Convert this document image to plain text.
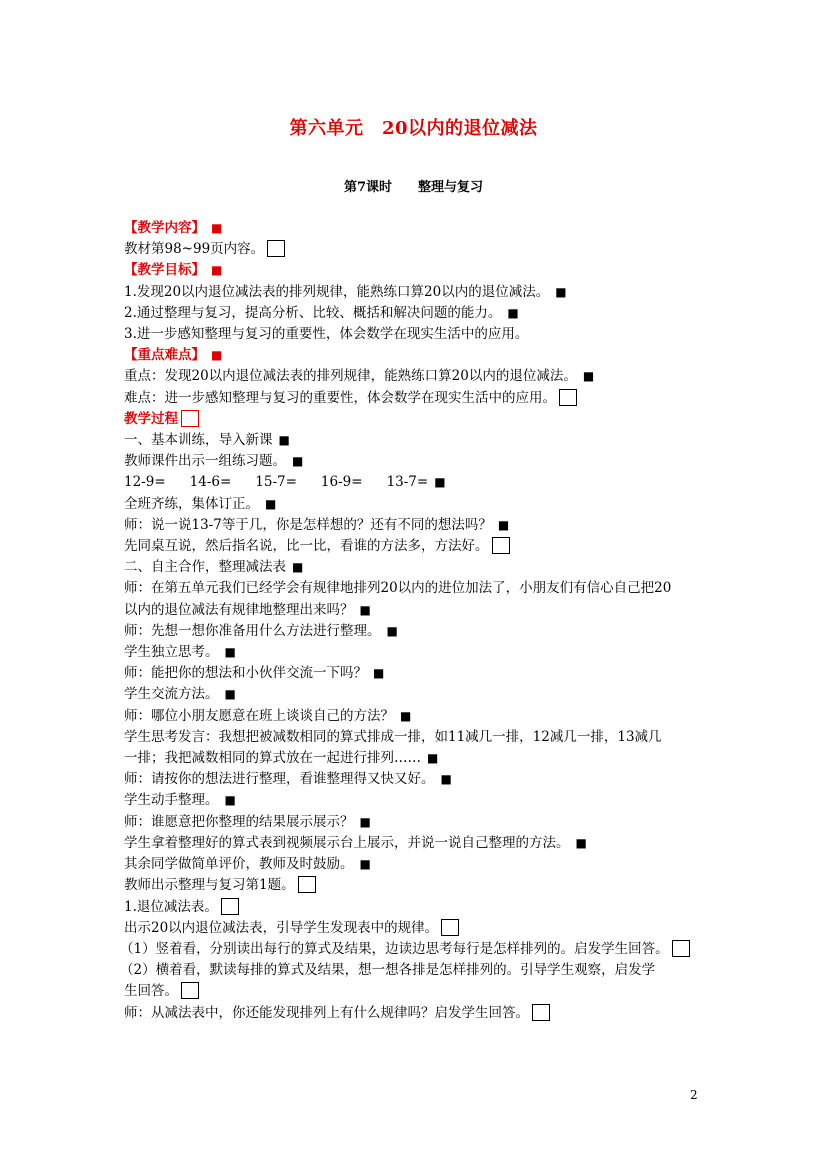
第六单元　20以内的退位减法
第7课时　　整理与复习
【教学内容】 ■
教材第98~99页内容。
【教学目标】 ■
1.发现20以内退位减法表的排列规律，能熟练口算20以内的退位减法。 ■
2.通过整理与复习，提高分析、比较、概括和解决问题的能力。 ■
3.进一步感知整理与复习的重要性，体会数学在现实生活中的应用。
【重点难点】 ■
重点：发现20以内退位减法表的排列规律，能熟练口算20以内的退位减法。 ■
难点：进一步感知整理与复习的重要性，体会数学在现实生活中的应用。
教学过程
一、基本训练，导入新课 ■
教师课件出示一组练习题。 ■
12-9= 14-6= 15-7= 16-9= 13-7= ■
全班齐练，集体订正。 ■
师：说一说13-7等于几，你是怎样想的？还有不同的想法吗？ ■
先同桌互说，然后指名说，比一比，看谁的方法多，方法好。
二、自主合作，整理减法表 ■
师：在第五单元我们已经学会有规律地排列20以内的进位加法了，小朋友们有信心自己把20
以内的退位减法有规律地整理出来吗？ ■
师：先想一想你准备用什么方法进行整理。 ■
学生独立思考。 ■
师：能把你的想法和小伙伴交流一下吗？ ■
学生交流方法。 ■
师：哪位小朋友愿意在班上谈谈自己的方法？ ■
学生思考发言：我想把被减数相同的算式排成一排，如11减几一排，12减几一排，13减几
一排；我把减数相同的算式放在一起进行排列…… ■
师：请按你的想法进行整理，看谁整理得又快又好。 ■
学生动手整理。 ■
师：谁愿意把你整理的结果展示展示？ ■
学生拿着整理好的算式表到视频展示台上展示，并说一说自己整理的方法。 ■
其余同学做简单评价，教师及时鼓励。 ■
教师出示整理与复习第1题。
1.退位减法表。
出示20以内退位减法表，引导学生发现表中的规律。
（1）竖着看，分别读出每行的算式及结果，边读边思考每行是怎样排列的。启发学生回答。
（2）横着看，默读每排的算式及结果，想一想各排是怎样排列的。引导学生观察，启发学
生回答。
师：从减法表中，你还能发现排列上有什么规律吗？启发学生回答。
2
